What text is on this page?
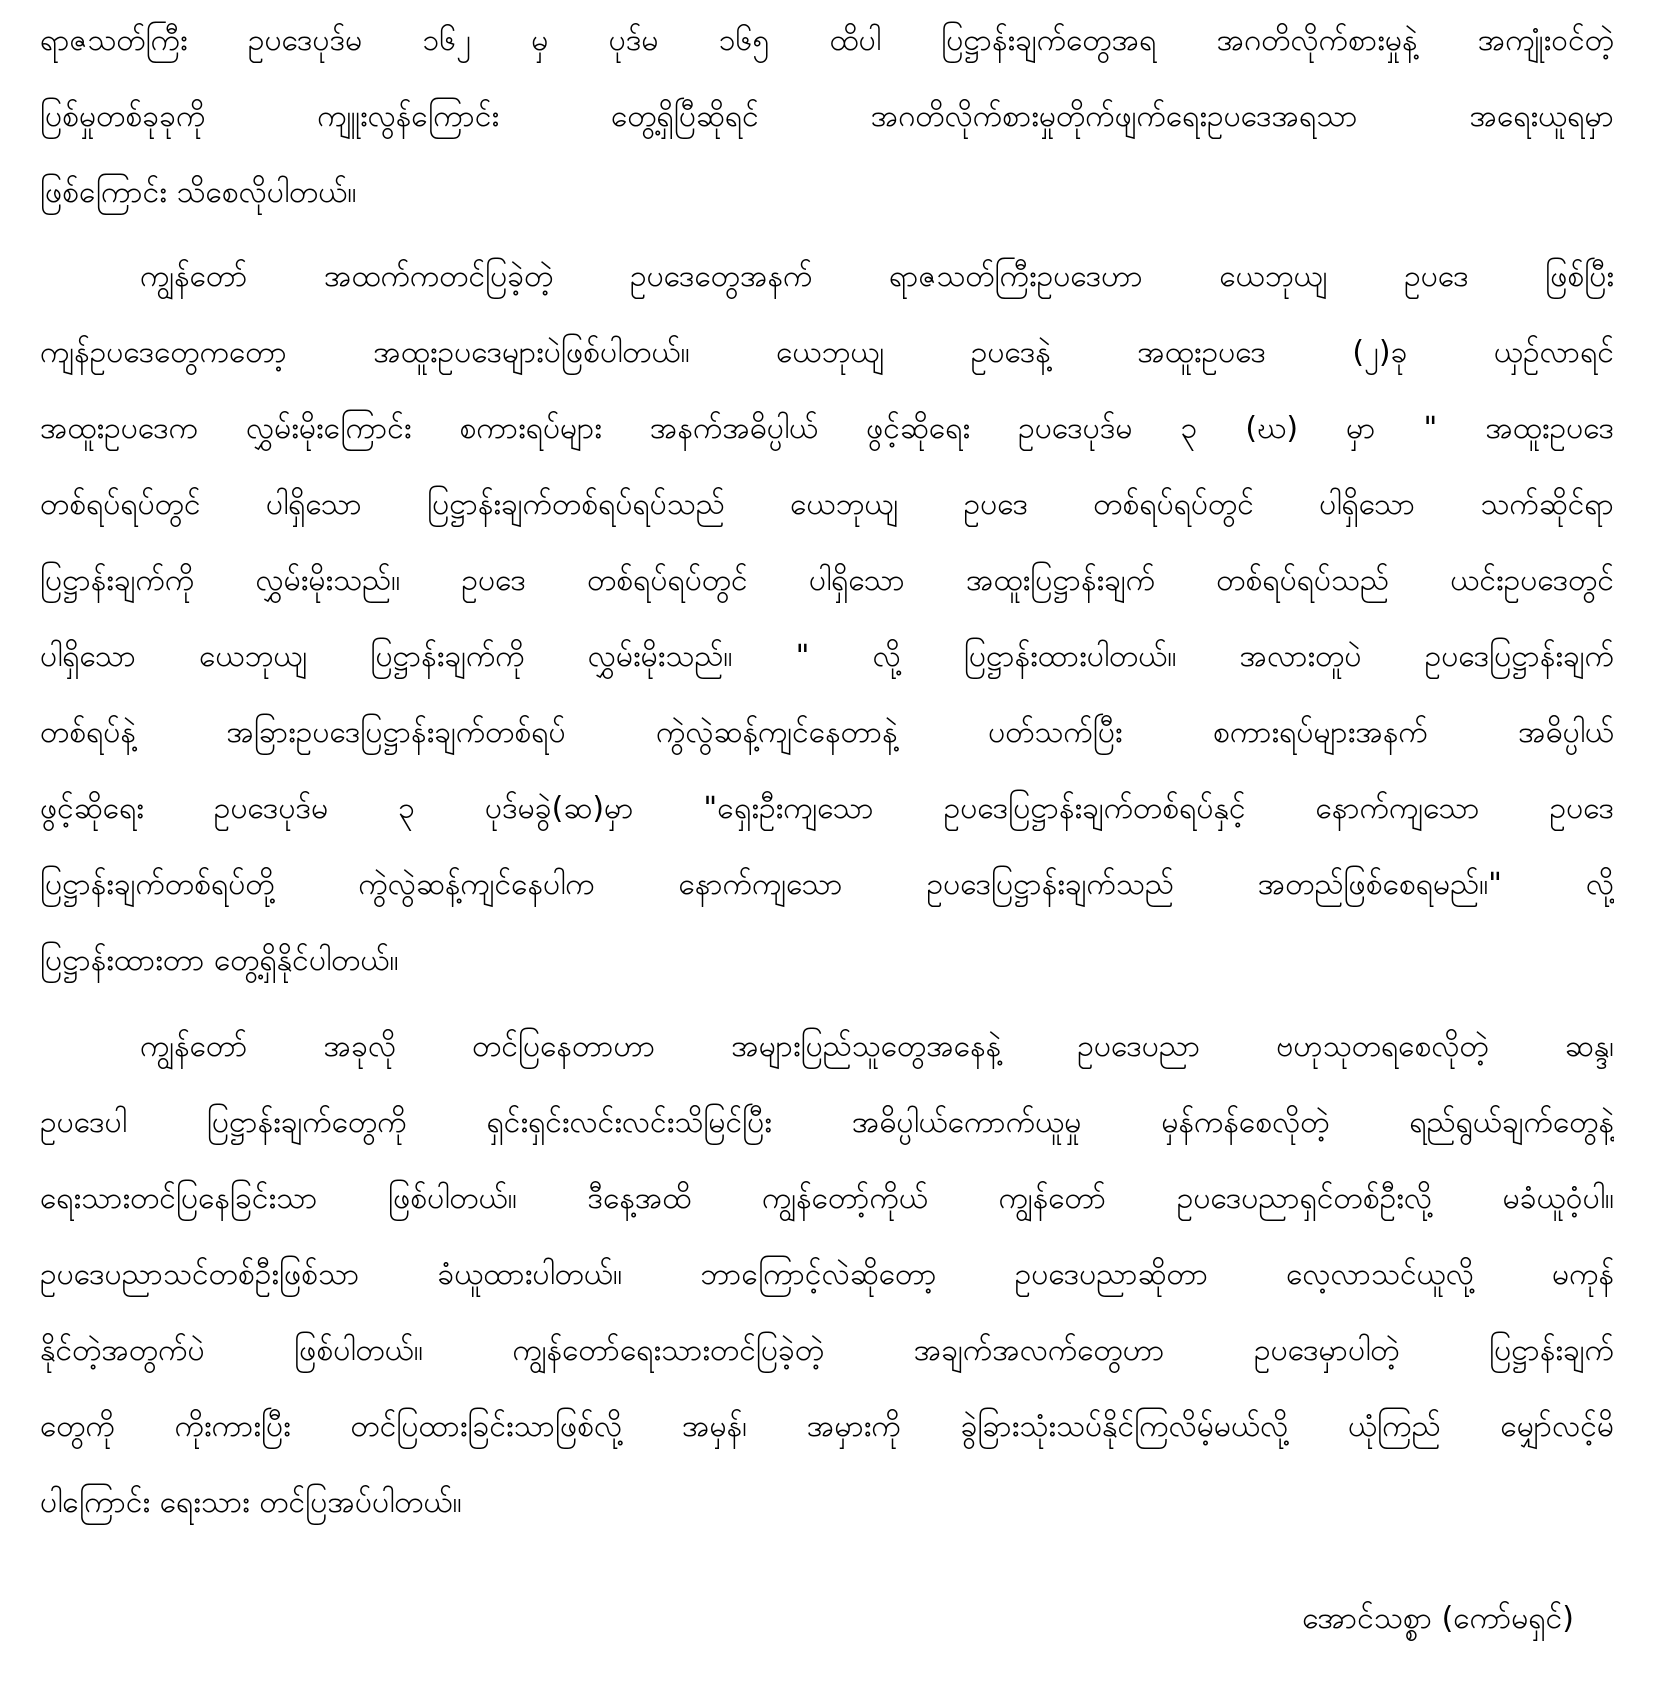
ရာဇသတ်ကြီး ဥပဒေပုဒ်မ ၁၆၂ မှ ပုဒ်မ ၁၆၅ ထိပါ ပြဋ္ဌာန်းချက်တွေအရ အဂတိလိုက်စားမှုနဲ့ အကျုံးဝင်တဲ့
ပြစ်မှုတစ်ခုခုကို ကျူးလွန်ကြောင်း တွေ့ရှိပြီဆိုရင် အဂတိလိုက်စားမှုတိုက်ဖျက်ရေးဥပဒေအရသာ အရေးယူရမှာ
ဖြစ်ကြောင်း သိစေလိုပါတယ်။
ကျွန်တော် အထက်ကတင်ပြခဲ့တဲ့ ဥပဒေတွေအနက် ရာဇသတ်ကြီးဥပဒေဟာ ယေဘုယျ ဥပဒေ ဖြစ်ပြီး
ကျန်ဥပဒေတွေကတော့ အထူးဥပဒေများပဲဖြစ်ပါတယ်။ ယေဘုယျ ဥပဒေနဲ့ အထူးဥပဒေ (၂)ခု ယှဉ်လာရင်
အထူးဥပဒေက လွှမ်းမိုးကြောင်း စကားရပ်များ အနက်အဓိပ္ပါယ် ဖွင့်ဆိုရေး ဥပဒေပုဒ်မ ၃ (ဃ) မှာ " အထူးဥပဒေ
တစ်ရပ်ရပ်တွင် ပါရှိသော ပြဋ္ဌာန်းချက်တစ်ရပ်ရပ်သည် ယေဘုယျ ဥပဒေ တစ်ရပ်ရပ်တွင် ပါရှိသော သက်ဆိုင်ရာ
ပြဋ္ဌာန်းချက်ကို လွှမ်းမိုးသည်။ ဥပဒေ တစ်ရပ်ရပ်တွင် ပါရှိသော အထူးပြဋ္ဌာန်းချက် တစ်ရပ်ရပ်သည် ယင်းဥပဒေတွင်
ပါရှိသော ယေဘုယျ ပြဋ္ဌာန်းချက်ကို လွှမ်းမိုးသည်။ " လို့ ပြဋ္ဌာန်းထားပါတယ်။ အလားတူပဲ ဥပဒေပြဋ္ဌာန်းချက်
တစ်ရပ်နဲ့ အခြားဥပဒေပြဋ္ဌာန်းချက်တစ်ရပ် ကွဲလွဲဆန့်ကျင်နေတာနဲ့ ပတ်သက်ပြီး စကားရပ်များအနက် အဓိပ္ပါယ်
ဖွင့်ဆိုရေး ဥပဒေပုဒ်မ ၃ ပုဒ်မခွဲ(ဆ)မှာ "ရှေးဦးကျသော ဥပဒေပြဋ္ဌာန်းချက်တစ်ရပ်နှင့် နောက်ကျသော ဥပဒေ
ပြဋ္ဌာန်းချက်တစ်ရပ်တို့ ကွဲလွဲဆန့်ကျင်နေပါက နောက်ကျသော ဥပဒေပြဋ္ဌာန်းချက်သည် အတည်ဖြစ်စေရမည်။" လို့
ပြဋ္ဌာန်းထားတာ တွေ့ရှိနိုင်ပါတယ်။
ကျွန်တော် အခုလို တင်ပြနေတာဟာ အများပြည်သူတွေအနေနဲ့ ဥပဒေပညာ ဗဟုသုတရစေလိုတဲ့ ဆန္ဒ၊
ဥပဒေပါ ပြဋ္ဌာန်းချက်တွေကို ရှင်းရှင်းလင်းလင်းသိမြင်ပြီး အဓိပ္ပါယ်ကောက်ယူမှု မှန်ကန်စေလိုတဲ့ ရည်ရွယ်ချက်တွေနဲ့
ရေးသားတင်ပြနေခြင်းသာ ဖြစ်ပါတယ်။ ဒီနေ့အထိ ကျွန်တော့်ကိုယ် ကျွန်တော် ဥပဒေပညာရှင်တစ်ဦးလို့ မခံယူဝံ့ပါ။
ဥပဒေပညာသင်တစ်ဦးဖြစ်သာ ခံယူထားပါတယ်။ ဘာကြောင့်လဲဆိုတော့ ဥပဒေပညာဆိုတာ လေ့လာသင်ယူလို့ မကုန်
နိုင်တဲ့အတွက်ပဲ ဖြစ်ပါတယ်။ ကျွန်တော်ရေးသားတင်ပြခဲ့တဲ့ အချက်အလက်တွေဟာ ဥပဒေမှာပါတဲ့ ပြဋ္ဌာန်းချက်
တွေကို ကိုးကားပြီး တင်ပြထားခြင်းသာဖြစ်လို့ အမှန်၊ အမှားကို ခွဲခြားသုံးသပ်နိုင်ကြလိမ့်မယ်လို့ ယုံကြည် မျှော်လင့်မိ
ပါကြောင်း ရေးသား တင်ပြအပ်ပါတယ်။
အောင်သစ္စာ (ကော်မရှင်)
